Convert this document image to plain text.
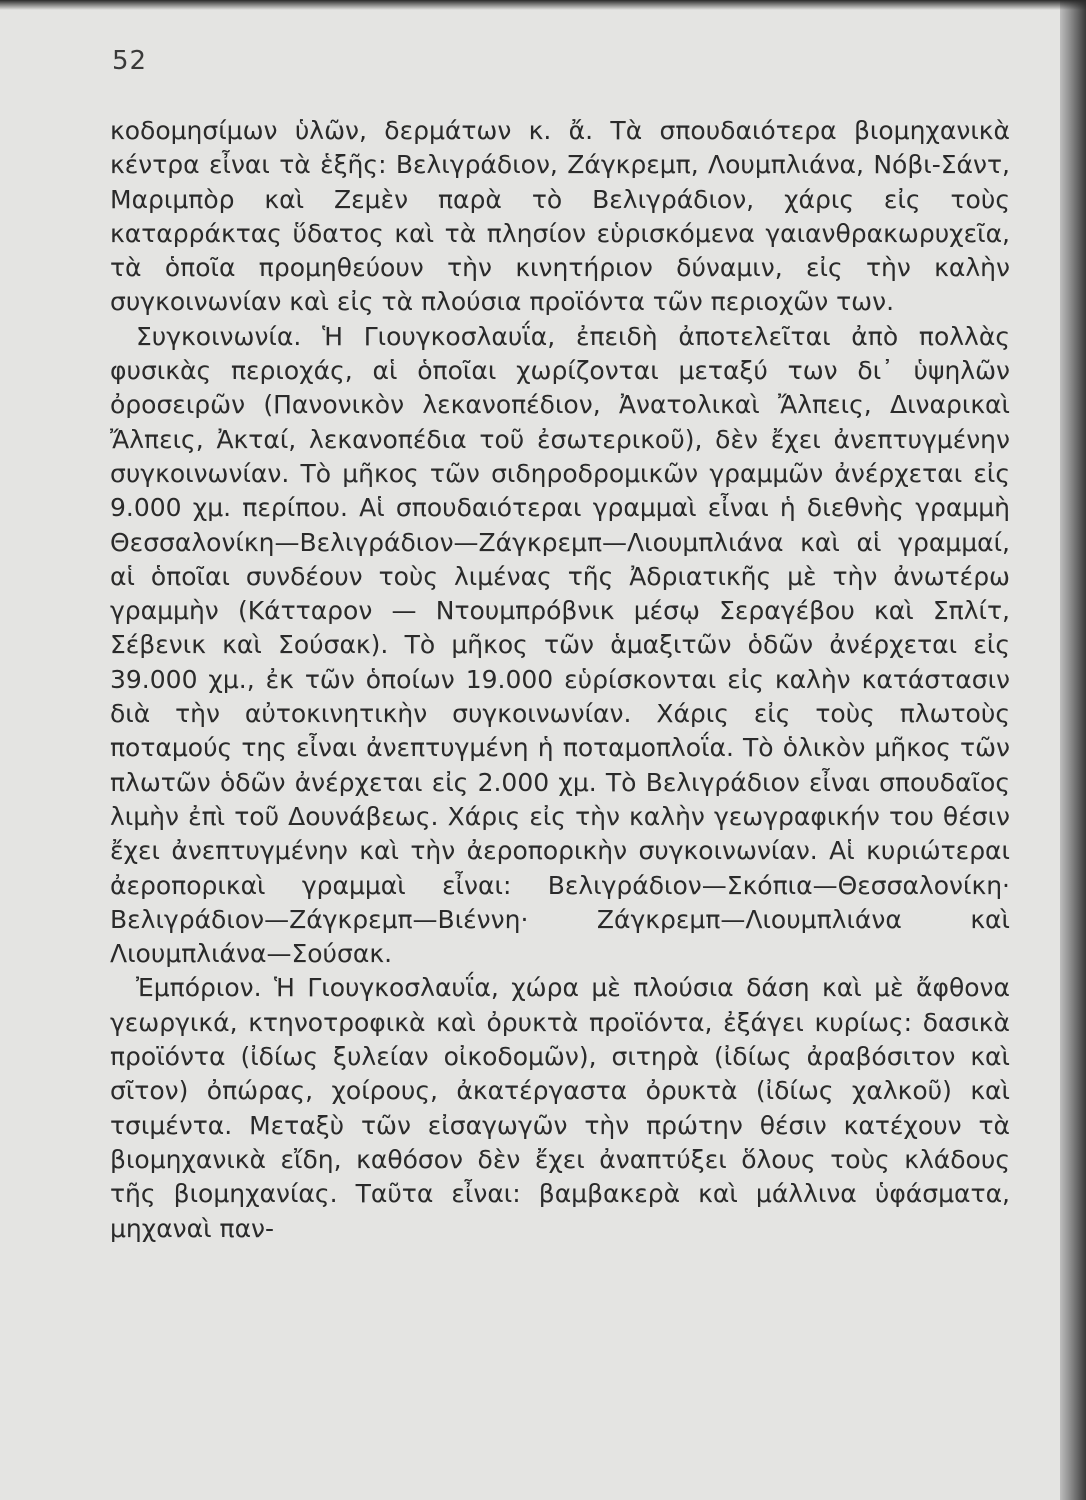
52

κοδομησίμων ὑλῶν, δερμάτων κ. ἄ. Τὰ σπουδαιότερα βιομηχανικὰ κέντρα εἶναι τὰ ἑξῆς: Βελιγράδιον, Ζάγκρεμπ, Λουμπλιάνα, Νόβι-Σάντ, Μαριμπὸρ καὶ Ζεμὲν παρὰ τὸ Βελιγράδιον, χάρις εἰς τοὺς καταρράκτας ὕδατος καὶ τὰ πλησίον εὑρισκόμενα γαιανθρακωρυχεῖα, τὰ ὁποῖα προμηθεύουν τὴν κινητήριον δύναμιν, εἰς τὴν καλὴν συγκοινωνίαν καὶ εἰς τὰ πλούσια προϊόντα τῶν περιοχῶν των.

Συγκοινωνία. Ἡ Γιουγκοσλαυΐα, ἐπειδὴ ἀποτελεῖται ἀπὸ πολλὰς φυσικὰς περιοχάς, αἱ ὁποῖαι χωρίζονται μεταξύ των δι᾿ ὑψηλῶν ὀροσειρῶν (Πανονικὸν λεκανοπέδιον, Ἀνατολικαὶ Ἄλπεις, Διναρικαὶ Ἄλπεις, Ἀκταί, λεκανοπέδια τοῦ ἐσωτερικοῦ), δὲν ἔχει ἀνεπτυγμένην συγκοινωνίαν. Τὸ μῆκος τῶν σιδηροδρομικῶν γραμμῶν ἀνέρχεται εἰς 9.000 χμ. περίπου. Αἱ σπουδαιότεραι γραμμαὶ εἶναι ἡ διεθνὴς γραμμὴ Θεσσαλονίκη—Βελιγράδιον—Ζάγκρεμπ—Λιουμπλιάνα καὶ αἱ γραμμαί, αἱ ὁποῖαι συνδέουν τοὺς λιμένας τῆς Ἀδριατικῆς μὲ τὴν ἀνωτέρω γραμμὴν (Κάτταρον — Ντουμπρόβνικ μέσῳ Σεραγέβου καὶ Σπλίτ, Σέβενικ καὶ Σούσακ). Τὸ μῆκος τῶν ἁμαξιτῶν ὁδῶν ἀνέρχεται εἰς 39.000 χμ., ἐκ τῶν ὁποίων 19.000 εὑρίσκονται εἰς καλὴν κατάστασιν διὰ τὴν αὐτοκινητικὴν συγκοινωνίαν. Χάρις εἰς τοὺς πλωτοὺς ποταμούς της εἶναι ἀνεπτυγμένη ἡ ποταμοπλοΐα. Τὸ ὁλικὸν μῆκος τῶν πλωτῶν ὁδῶν ἀνέρχεται εἰς 2.000 χμ. Τὸ Βελιγράδιον εἶναι σπουδαῖος λιμὴν ἐπὶ τοῦ Δουνάβεως. Χάρις εἰς τὴν καλὴν γεωγραφικήν του θέσιν ἔχει ἀνεπτυγμένην καὶ τὴν ἀεροπορικὴν συγκοινωνίαν. Αἱ κυριώτεραι ἀεροπορικαὶ γραμμαὶ εἶναι: Βελιγράδιον—Σκόπια—Θεσσαλονίκη· Βελιγράδιον—Ζάγκρεμπ—Βιέννη· Ζάγκρεμπ—Λιουμπλιάνα καὶ Λιουμπλιάνα—Σούσακ.

Ἐμπόριον. Ἡ Γιουγκοσλαυΐα, χώρα μὲ πλούσια δάση καὶ μὲ ἄφθονα γεωργικά, κτηνοτροφικὰ καὶ ὀρυκτὰ προϊόντα, ἐξάγει κυρίως: δασικὰ προϊόντα (ἰδίως ξυλείαν οἰκοδομῶν), σιτηρὰ (ἰδίως ἀραβόσιτον καὶ σῖτον) ὀπώρας, χοίρους, ἀκατέργαστα ὀρυκτὰ (ἰδίως χαλκοῦ) καὶ τσιμέντα. Μεταξὺ τῶν εἰσαγωγῶν τὴν πρώτην θέσιν κατέχουν τὰ βιομηχανικὰ εἴδη, καθόσον δὲν ἔχει ἀναπτύξει ὅλους τοὺς κλάδους τῆς βιομηχανίας. Ταῦτα εἶναι: βαμβακερὰ καὶ μάλλινα ὑφάσματα, μηχαναὶ παν-
